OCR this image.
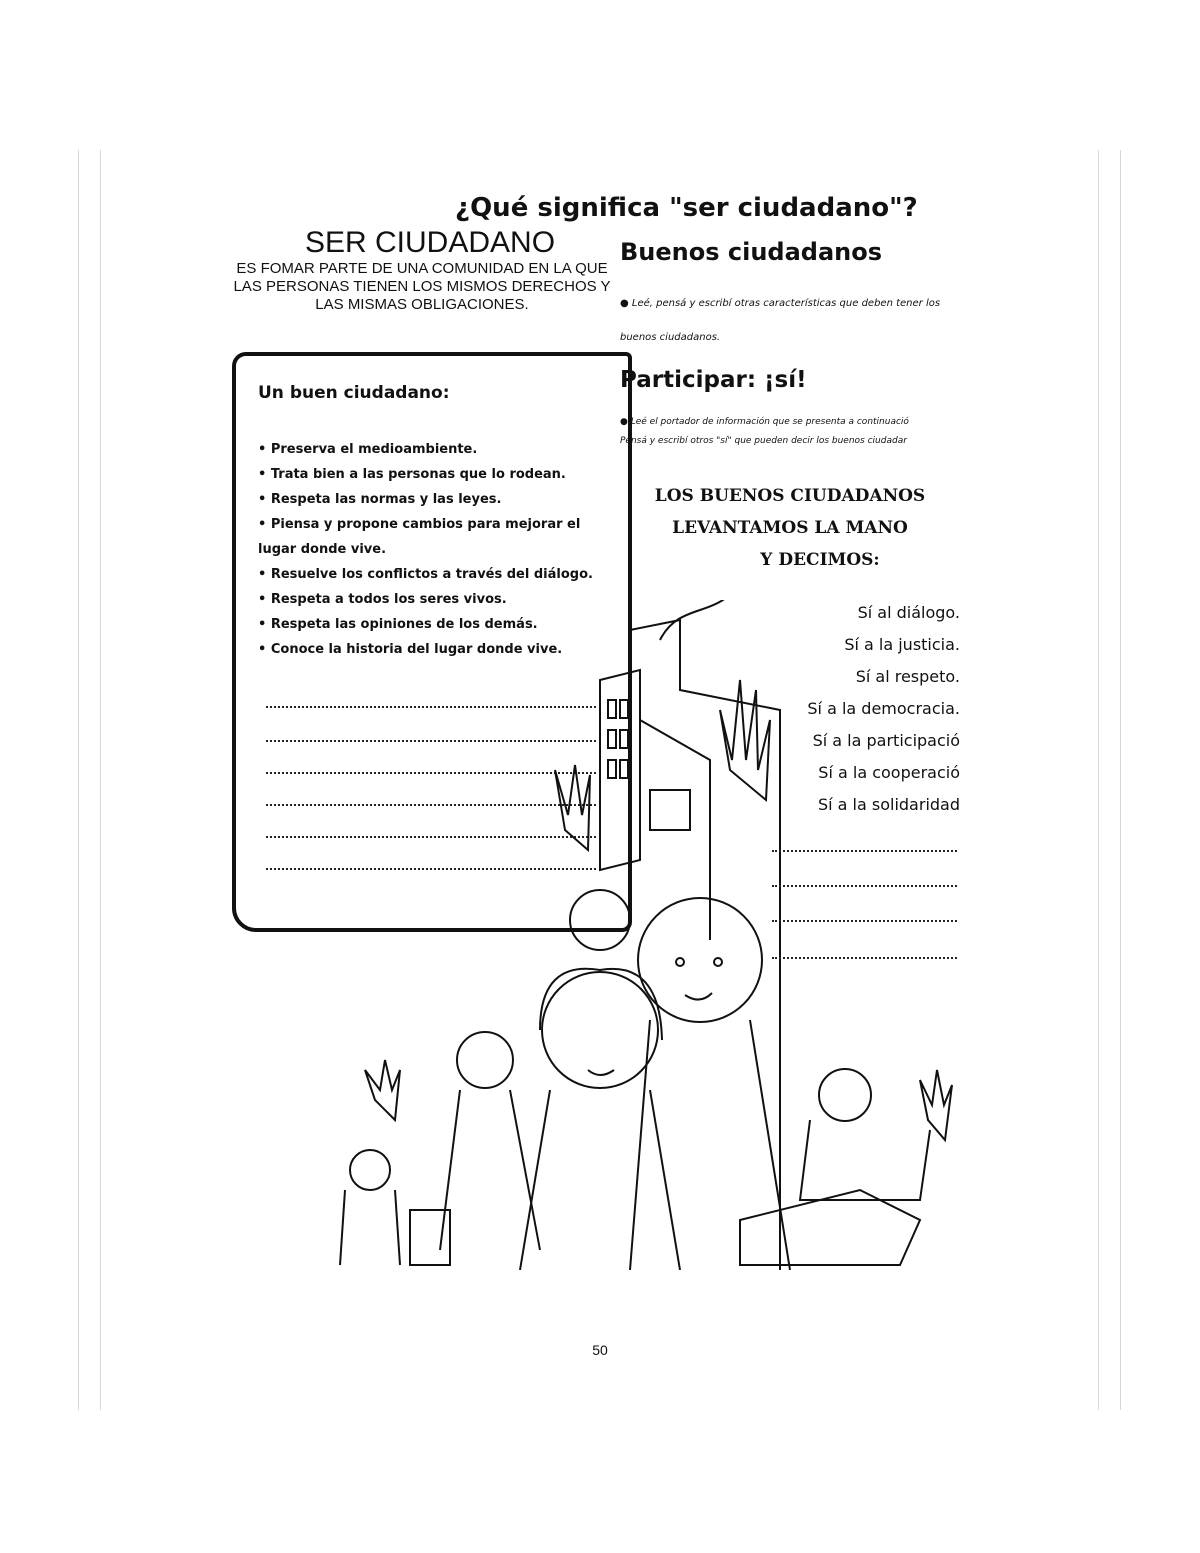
¿Qué significa "ser ciudadano"?
SER CIUDADANO
ES FOMAR PARTE DE UNA COMUNIDAD EN LA QUE LAS PERSONAS TIENEN LOS MISMOS DERECHOS Y LAS MISMAS OBLIGACIONES.
Buenos ciudadanos
● Leé, pensá y escribí otras características que deben tener los buenos ciudadanos.
Un buen ciudadano:
• Preserva el medioambiente.
• Trata bien a las personas que lo rodean.
• Respeta las normas y las leyes.
• Piensa y propone cambios para mejorar el lugar donde vive.
• Resuelve los conflictos a través del diálogo.
• Respeta a todos los seres vivos.
• Respeta las opiniones de los demás.
• Conoce la historia del lugar donde vive.
Participar: ¡sí!
● Leé el portador de información que se presenta a continuació
Pensá y escribí otros "sí" que pueden decir los buenos ciudadar
LOS BUENOS CIUDADANOS
LEVANTAMOS LA MANO
Y DECIMOS:
Sí al diálogo.
Sí a la justicia.
Sí al respeto.
Sí a la democracia.
Sí a la participació
Sí a la cooperació
Sí a la solidaridad
50
